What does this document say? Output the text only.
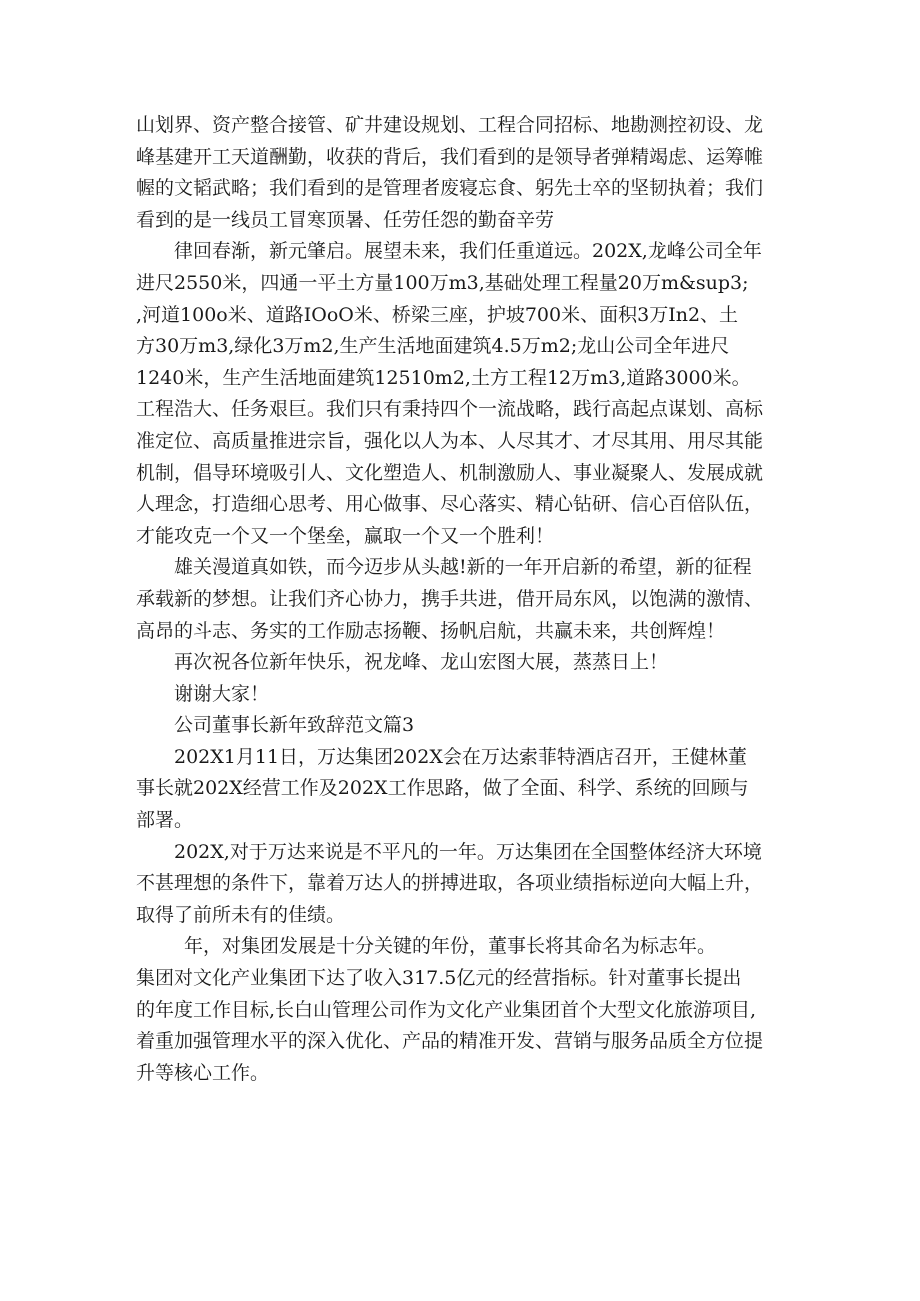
山划界、资产整合接管、矿井建设规划、工程合同招标、地勘测控初设、龙
峰基建开工天道酬勤，收获的背后，我们看到的是领导者弹精竭虑、运筹帷
幄的文韬武略；我们看到的是管理者废寝忘食、躬先士卒的坚韧执着；我们
看到的是一线员工冒寒顶暑、任劳任怨的勤奋辛劳

律回春渐，新元肇启。展望未来，我们任重道远。202X,龙峰公司全年
进尺2550米，四通一平土方量100万m3,基础处理工程量20万m&sup3;
,河道100o米、道路IOoO米、桥梁三座，护坡700米、面积3万In2、土
方30万m3,绿化3万m2,生产生活地面建筑4.5万m2;龙山公司全年进尺
1240米，生产生活地面建筑12510m2,土方工程12万m3,道路3000米。
工程浩大、任务艰巨。我们只有秉持四个一流战略，践行高起点谋划、高标
准定位、高质量推进宗旨，强化以人为本、人尽其才、才尽其用、用尽其能
机制，倡导环境吸引人、文化塑造人、机制激励人、事业凝聚人、发展成就
人理念，打造细心思考、用心做事、尽心落实、精心钻研、信心百倍队伍，
才能攻克一个又一个堡垒，赢取一个又一个胜利！

雄关漫道真如铁，而今迈步从头越!新的一年开启新的希望，新的征程
承载新的梦想。让我们齐心协力，携手共进，借开局东风，以饱满的激情、
高昂的斗志、务实的工作励志扬鞭、扬帆启航，共赢未来，共创辉煌！

再次祝各位新年快乐，祝龙峰、龙山宏图大展，蒸蒸日上！

谢谢大家！

公司董事长新年致辞范文篇3

202X1月11日，万达集团202X会在万达索菲特酒店召开，王健林董
事长就202X经营工作及202X工作思路，做了全面、科学、系统的回顾与
部署。

202X,对于万达来说是不平凡的一年。万达集团在全国整体经济大环境
不甚理想的条件下，靠着万达人的拼搏进取，各项业绩指标逆向大幅上升，
取得了前所未有的佳绩。

年，对集团发展是十分关键的年份，董事长将其命名为标志年。

集团对文化产业集团下达了收入317.5亿元的经营指标。针对董事长提出
的年度工作目标,长白山管理公司作为文化产业集团首个大型文化旅游项目,
着重加强管理水平的深入优化、产品的精准开发、营销与服务品质全方位提
升等核心工作。
